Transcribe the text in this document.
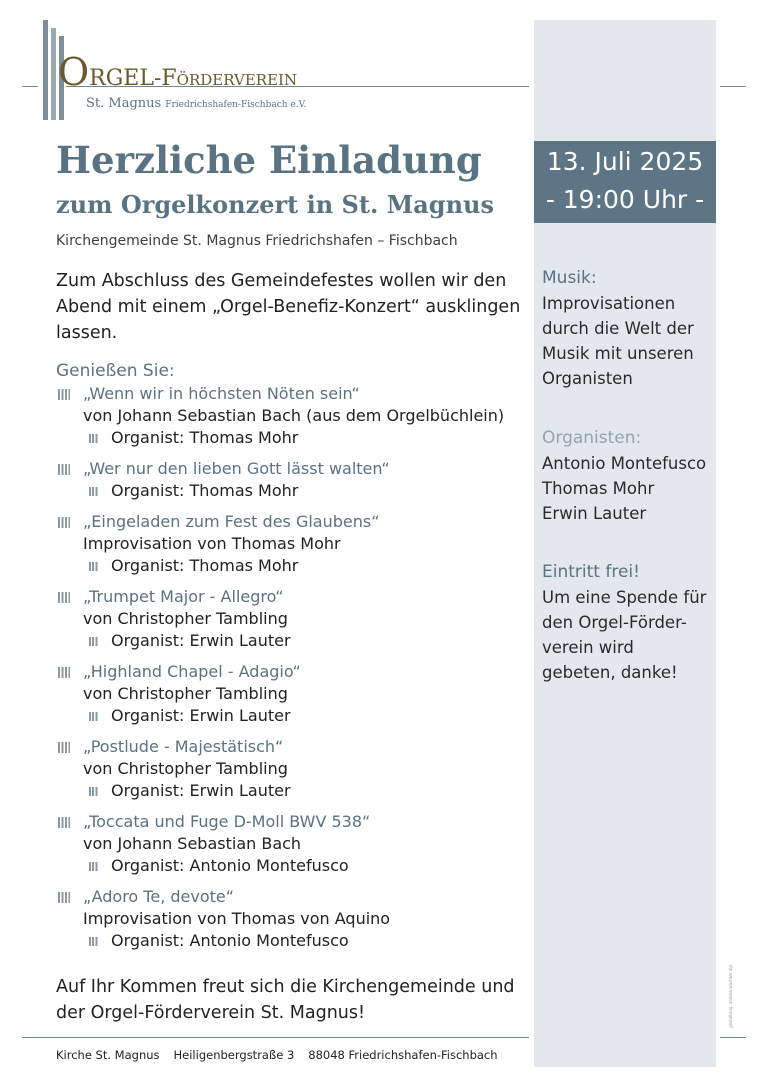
ORGEL-FÖRDERVEREIN
St. Magnus Friedrichshafen-Fischbach e.V.
Herzliche Einladung
zum Orgelkonzert in St. Magnus
Kirchengemeinde St. Magnus Friedrichshafen – Fischbach
Zum Abschluss des Gemeindefestes wollen wir den Abend mit einem „Orgel-Benefiz-Konzert“ ausklingen lassen.
Genießen Sie:
„Wenn wir in höchsten Nöten sein“
von Johann Sebastian Bach (aus dem Orgelbüchlein)
Organist: Thomas Mohr
„Wer nur den lieben Gott lässt walten“
Organist: Thomas Mohr
„Eingeladen zum Fest des Glaubens“
Improvisation von Thomas Mohr
Organist: Thomas Mohr
„Trumpet Major - Allegro“
von Christopher Tambling
Organist: Erwin Lauter
„Highland Chapel - Adagio“
von Christopher Tambling
Organist: Erwin Lauter
„Postlude - Majestätisch“
von Christopher Tambling
Organist: Erwin Lauter
„Toccata und Fuge D-Moll BWV 538“
von Johann Sebastian Bach
Organist: Antonio Montefusco
„Adoro Te, devote“
Improvisation von Thomas von Aquino
Organist: Antonio Montefusco
Auf Ihr Kommen freut sich die Kirchengemeinde und der Orgel-Förderverein St. Magnus!
Kirche St. Magnus Heiligenbergstraße 3 88048 Friedrichshafen-Fischbach
13. Juli 2025
- 19:00 Uhr -
Musik:
Improvisationen durch die Welt der Musik mit unseren Organisten
Organisten:
Antonio Montefusco
Thomas Mohr
Erwin Lauter
Eintritt frei!
Um eine Spende für den Orgel-Förder-verein wird gebeten, danke!
gestaltung: andrea wachter dip.
